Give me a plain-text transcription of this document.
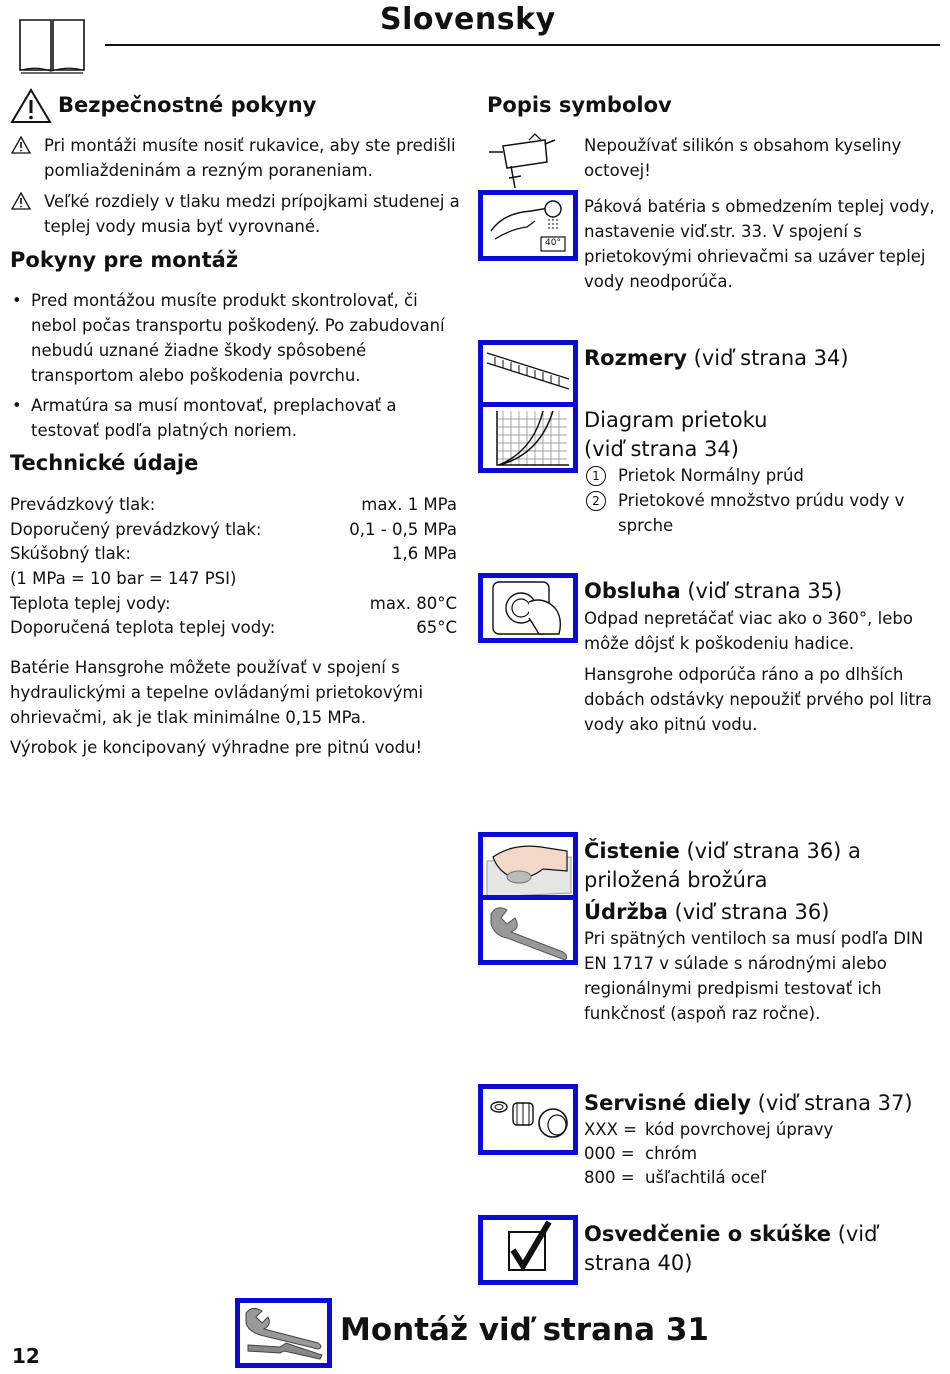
Slovensky
Bezpečnostné pokyny
Pri montáži musíte nosiť rukavice, aby ste predišli pomliaždeninám a rezným poraneniam.
Veľké rozdiely v tlaku medzi prípojkami studenej a teplej vody musia byť vyrovnané.
Pokyny pre montáž
• Pred montážou musíte produkt skontrolovať, či nebol počas transportu poškodený. Po zabudovaní nebudú uznané žiadne škody spôsobené transportom alebo poškodenia povrchu.
• Armatúra sa musí montovať, preplachovať a testovať podľa platných noriem.
Technické údaje
Prevádzkový tlak:	max. 1 MPa
Doporučený prevádzkový tlak:	0,1 - 0,5 MPa
Skúšobný tlak:	1,6 MPa
(1 MPa = 10 bar = 147 PSI)
Teplota teplej vody:	max. 80°C
Doporučená teplota teplej vody:	65°C
Batérie Hansgrohe môžete používať v spojení s hydraulickými a tepelne ovládanými prietokovými ohrievačmi, ak je tlak minimálne 0,15 MPa.
Výrobok je koncipovaný výhradne pre pitnú vodu!
Popis symbolov
Nepoužívať silikón s obsahom kyseliny octovej!
40°
Páková batéria s obmedzením teplej vody, nastavenie viď.str. 33. V spojení s prietokovými ohrievačmi sa uzáver teplej vody neodporúča.
Rozmery (viď strana 34)
Diagram prietoku
(viď strana 34)
1	Prietok Normálny prúd
2	Prietokové množstvo prúdu vody v sprche
Obsluha (viď strana 35)
Odpad nepretáčať viac ako o 360°, lebo môže dôjsť k poškodeniu hadice.
Hansgrohe odporúča ráno a po dlhších dobách odstávky nepoužiť prvého pol litra vody ako pitnú vodu.
Čistenie (viď strana 36) a priložená brožúra
Údržba (viď strana 36)
Pri spätných ventiloch sa musí podľa DIN EN 1717 v súlade s národnými alebo regionálnymi predpismi testovať ich funkčnosť (aspoň raz ročne).
Servisné diely (viď strana 37)
XXX = kód povrchovej úpravy
000 = chróm
800 = ušľachtilá oceľ
Osvedčenie o skúške (viď strana 40)
Montáž viď strana 31
12
